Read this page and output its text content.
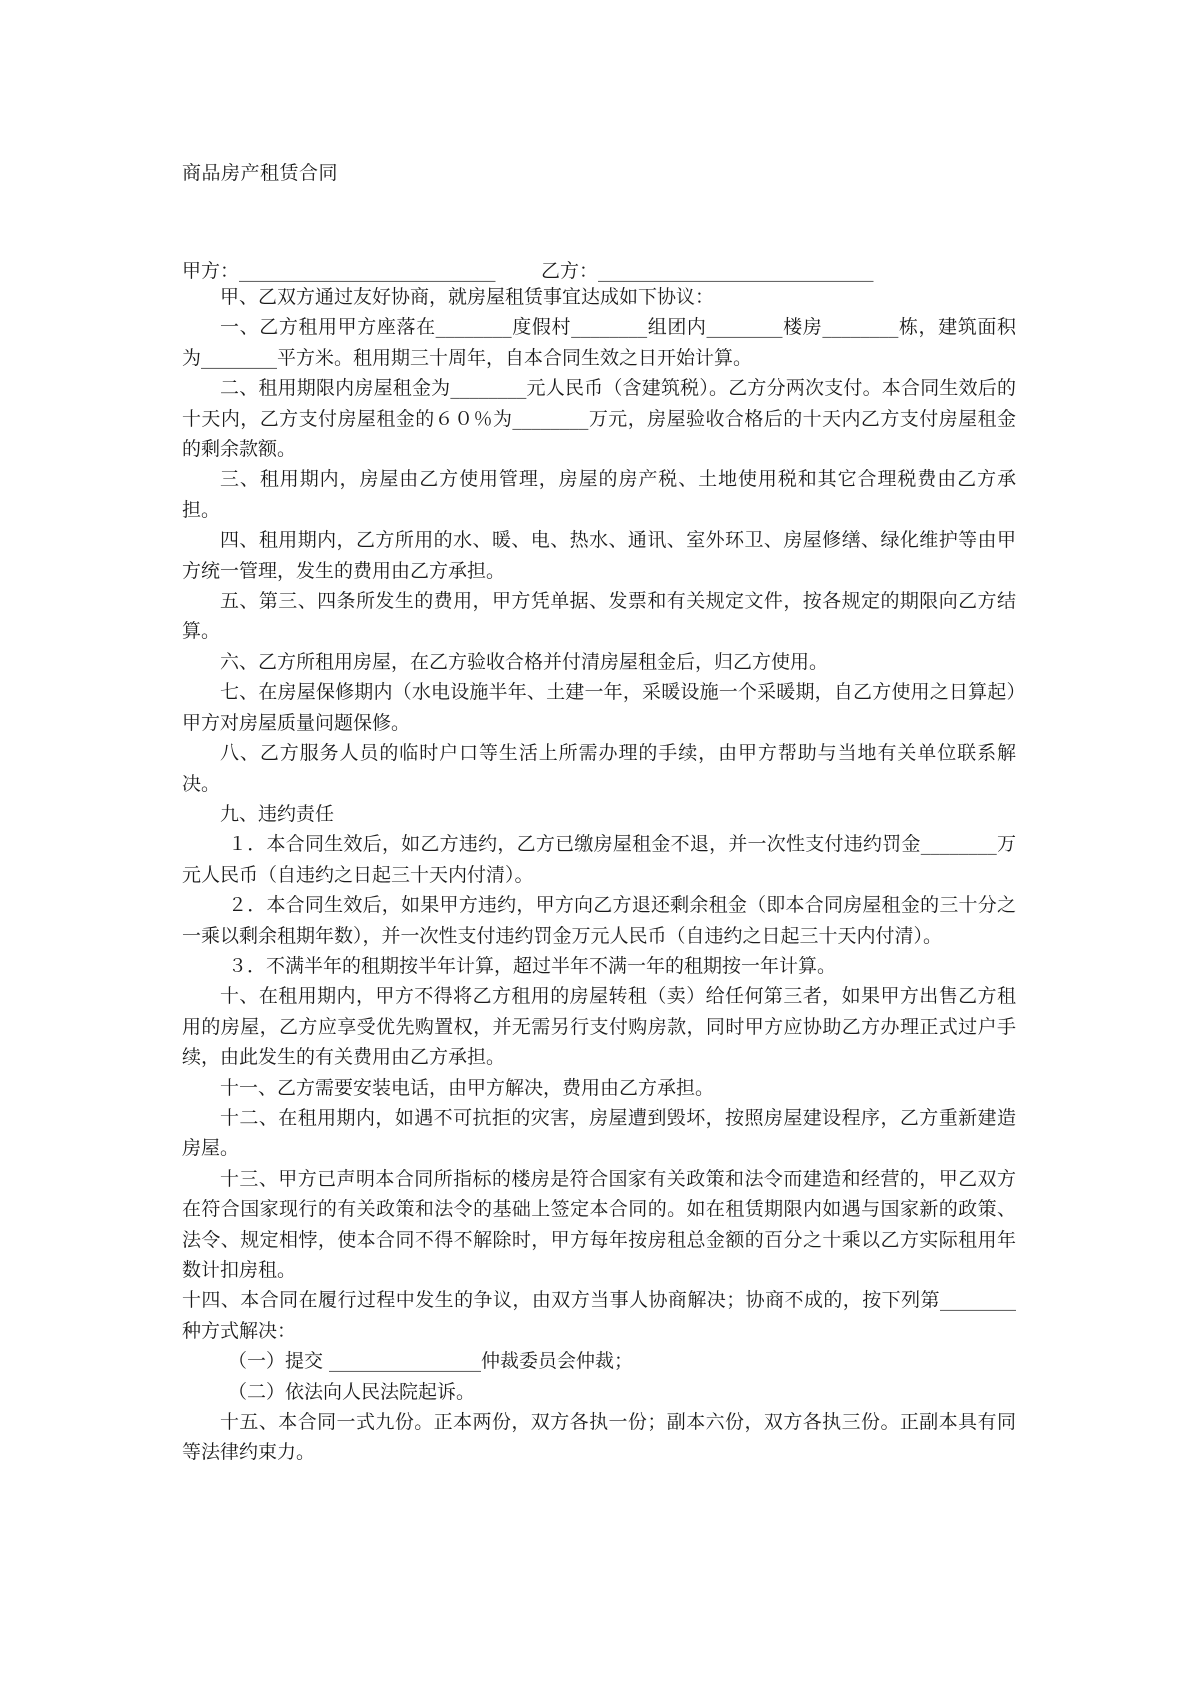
商品房产租赁合同
甲方：___________________________ 乙方：_____________________________

甲、乙双方通过友好协商，就房屋租赁事宜达成如下协议：

一、乙方租用甲方座落在________度假村________组团内________楼房________栋，建筑面积为________平方米。租用期三十周年，自本合同生效之日开始计算。

二、租用期限内房屋租金为________元人民币（含建筑税）。乙方分两次支付。本合同生效后的十天内，乙方支付房屋租金的６０％为________万元，房屋验收合格后的十天内乙方支付房屋租金的剩余款额。

三、租用期内，房屋由乙方使用管理，房屋的房产税、土地使用税和其它合理税费由乙方承担。

四、租用期内，乙方所用的水、暖、电、热水、通讯、室外环卫、房屋修缮、绿化维护等由甲方统一管理，发生的费用由乙方承担。

五、第三、四条所发生的费用，甲方凭单据、发票和有关规定文件，按各规定的期限向乙方结算。

六、乙方所租用房屋，在乙方验收合格并付清房屋租金后，归乙方使用。

七、在房屋保修期内（水电设施半年、土建一年，采暖设施一个采暖期，自乙方使用之日算起）甲方对房屋质量问题保修。

八、乙方服务人员的临时户口等生活上所需办理的手续，由甲方帮助与当地有关单位联系解决。

九、违约责任

１．本合同生效后，如乙方违约，乙方已缴房屋租金不退，并一次性支付违约罚金________万元人民币（自违约之日起三十天内付清）。

２．本合同生效后，如果甲方违约，甲方向乙方退还剩余租金（即本合同房屋租金的三十分之一乘以剩余租期年数），并一次性支付违约罚金万元人民币（自违约之日起三十天内付清）。

３．不满半年的租期按半年计算，超过半年不满一年的租期按一年计算。

十、在租用期内，甲方不得将乙方租用的房屋转租（卖）给任何第三者，如果甲方出售乙方租用的房屋，乙方应享受优先购置权，并无需另行支付购房款，同时甲方应协助乙方办理正式过户手续，由此发生的有关费用由乙方承担。

十一、乙方需要安装电话，由甲方解决，费用由乙方承担。

十二、在租用期内，如遇不可抗拒的灾害，房屋遭到毁坏，按照房屋建设程序，乙方重新建造房屋。

十三、甲方已声明本合同所指标的楼房是符合国家有关政策和法令而建造和经营的，甲乙双方在符合国家现行的有关政策和法令的基础上签定本合同的。如在租赁期限内如遇与国家新的政策、法令、规定相悖，使本合同不得不解除时，甲方每年按房租总金额的百分之十乘以乙方实际租用年数计扣房租。

十四、本合同在履行过程中发生的争议，由双方当事人协商解决；协商不成的，按下列第________种方式解决：

（一）提交 ________________仲裁委员会仲裁；

（二）依法向人民法院起诉。

十五、本合同一式九份。正本两份，双方各执一份；副本六份，双方各执三份。正副本具有同等法律约束力。
